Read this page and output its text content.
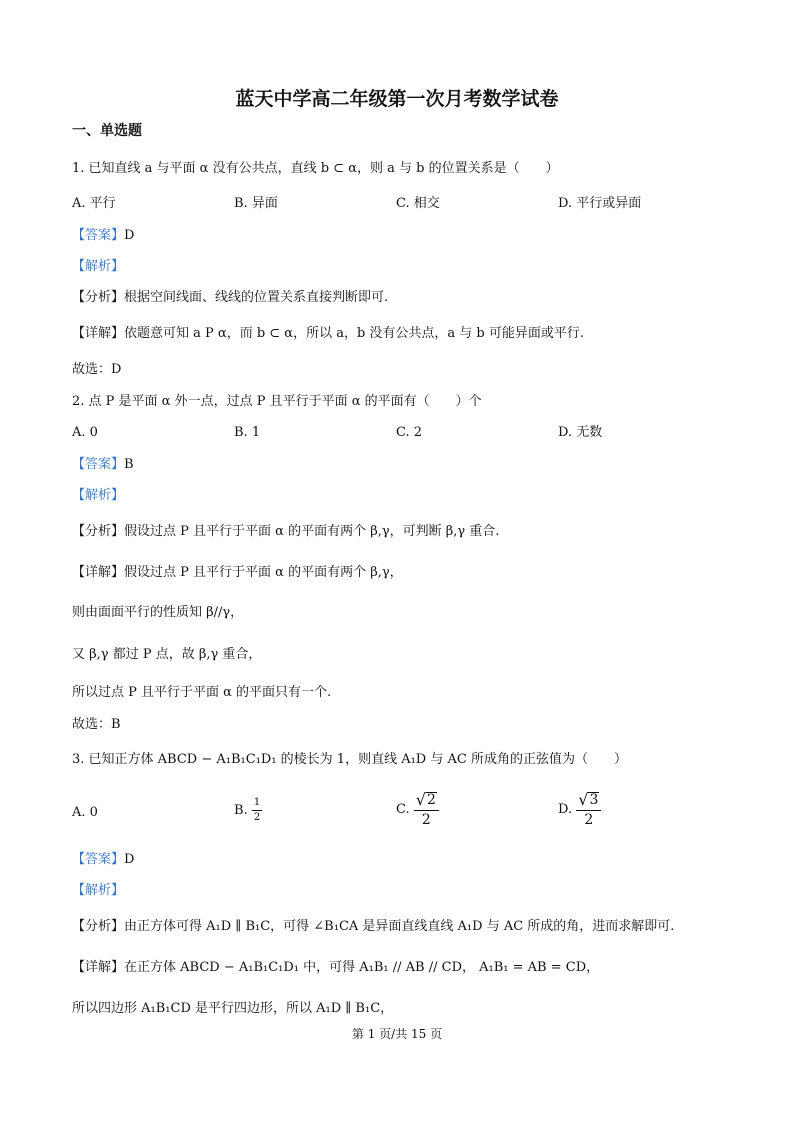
蓝天中学高二年级第一次月考数学试卷
一、单选题
1. 已知直线 a 与平面 α 没有公共点，直线 b ⊂ α，则 a 与 b 的位置关系是（　　）
A. 平行	B. 异面	C. 相交	D. 平行或异面
【答案】D
【解析】
【分析】根据空间线面、线线的位置关系直接判断即可.
【详解】依题意可知 a P α，而 b ⊂ α，所以 a，b 没有公共点，a 与 b 可能异面或平行.
故选：D
2. 点 P 是平面 α 外一点，过点 P 且平行于平面 α 的平面有（　　）个
A. 0	B. 1	C. 2	D. 无数
【答案】B
【解析】
【分析】假设过点 P 且平行于平面 α 的平面有两个 β,γ，可判断 β,γ 重合.
【详解】假设过点 P 且平行于平面 α 的平面有两个 β,γ，
则由面面平行的性质知 β//γ，
又 β,γ 都过 P 点，故 β,γ 重合，
所以过点 P 且平行于平面 α 的平面只有一个.
故选：B
3. 已知正方体 ABCD − A₁B₁C₁D₁ 的棱长为 1，则直线 A₁D 与 AC 所成角的正弦值为（　　）
A. 0	B. $\frac{1}{2}$	C. $\frac{√ 2}{2}$	D. $\frac{√ 3}{2}$
【答案】D
【解析】
【分析】由正方体可得 A₁D ∥ B₁C，可得 ∠B₁CA 是异面直线直线 A₁D 与 AC 所成的角，进而求解即可.
【详解】在正方体 ABCD − A₁B₁C₁D₁ 中，可得 A₁B₁ // AB // CD， A₁B₁ = AB = CD，
所以四边形 A₁B₁CD 是平行四边形，所以 A₁D ∥ B₁C，
第 1 页/共 15 页
